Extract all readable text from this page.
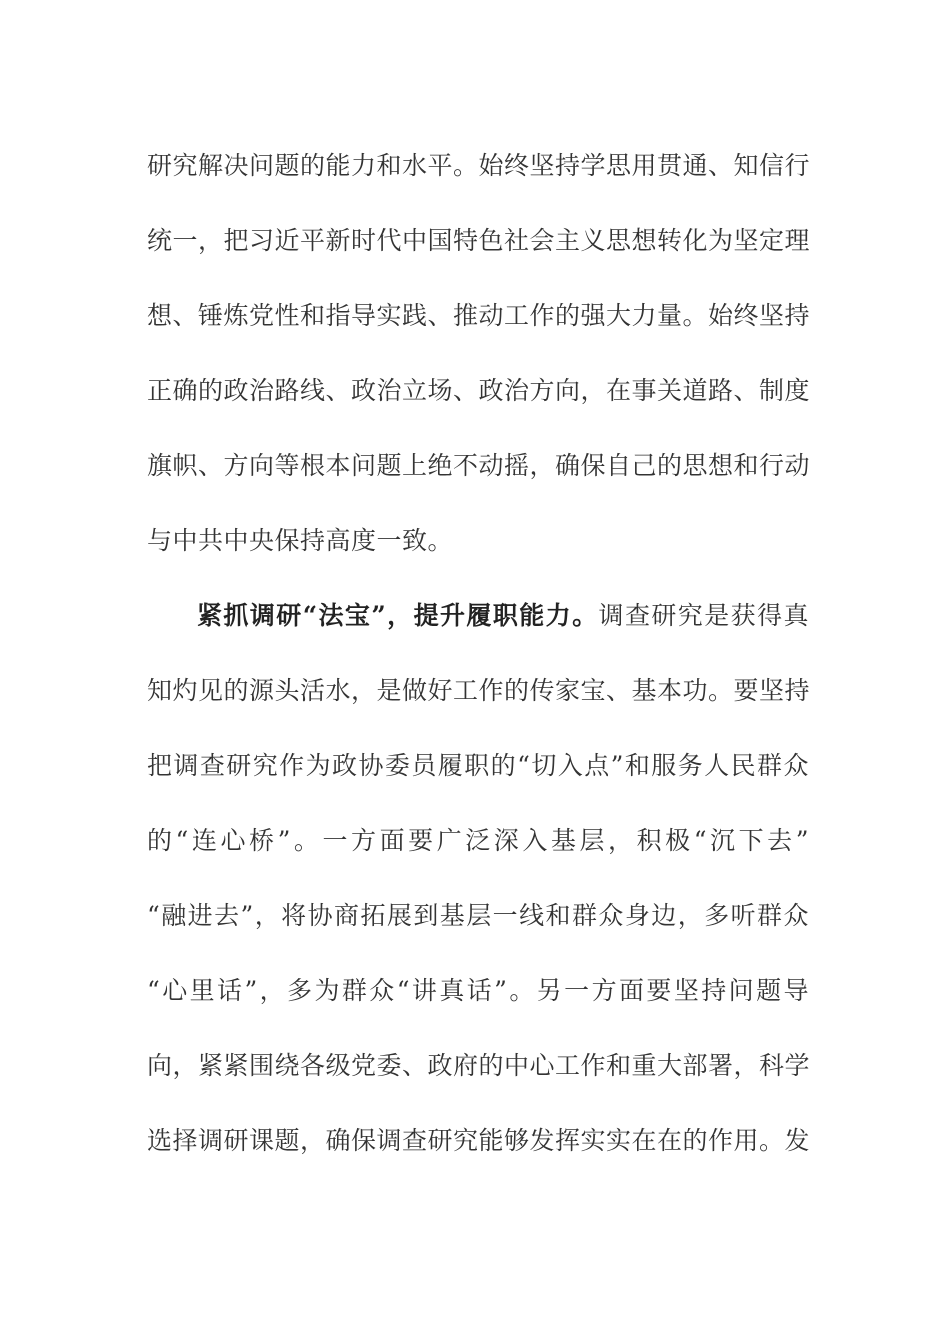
研究解决问题的能力和水平。始终坚持学思用贯通、知信行
统一，把习近平新时代中国特色社会主义思想转化为坚定理
想、锤炼党性和指导实践、推动工作的强大力量。始终坚持
正确的政治路线、政治立场、政治方向，在事关道路、制度
旗帜、方向等根本问题上绝不动摇，确保自己的思想和行动
与中共中央保持高度一致。
紧抓调研“法宝”，提升履职能力。调查研究是获得真
知灼见的源头活水，是做好工作的传家宝、基本功。要坚持
把调查研究作为政协委员履职的“切入点”和服务人民群众
的“连心桥”。一方面要广泛深入基层，积极“沉下去”
“融进去”，将协商拓展到基层一线和群众身边，多听群众
“心里话”，多为群众“讲真话”。另一方面要坚持问题导
向，紧紧围绕各级党委、政府的中心工作和重大部署，科学
选择调研课题，确保调查研究能够发挥实实在在的作用。发
